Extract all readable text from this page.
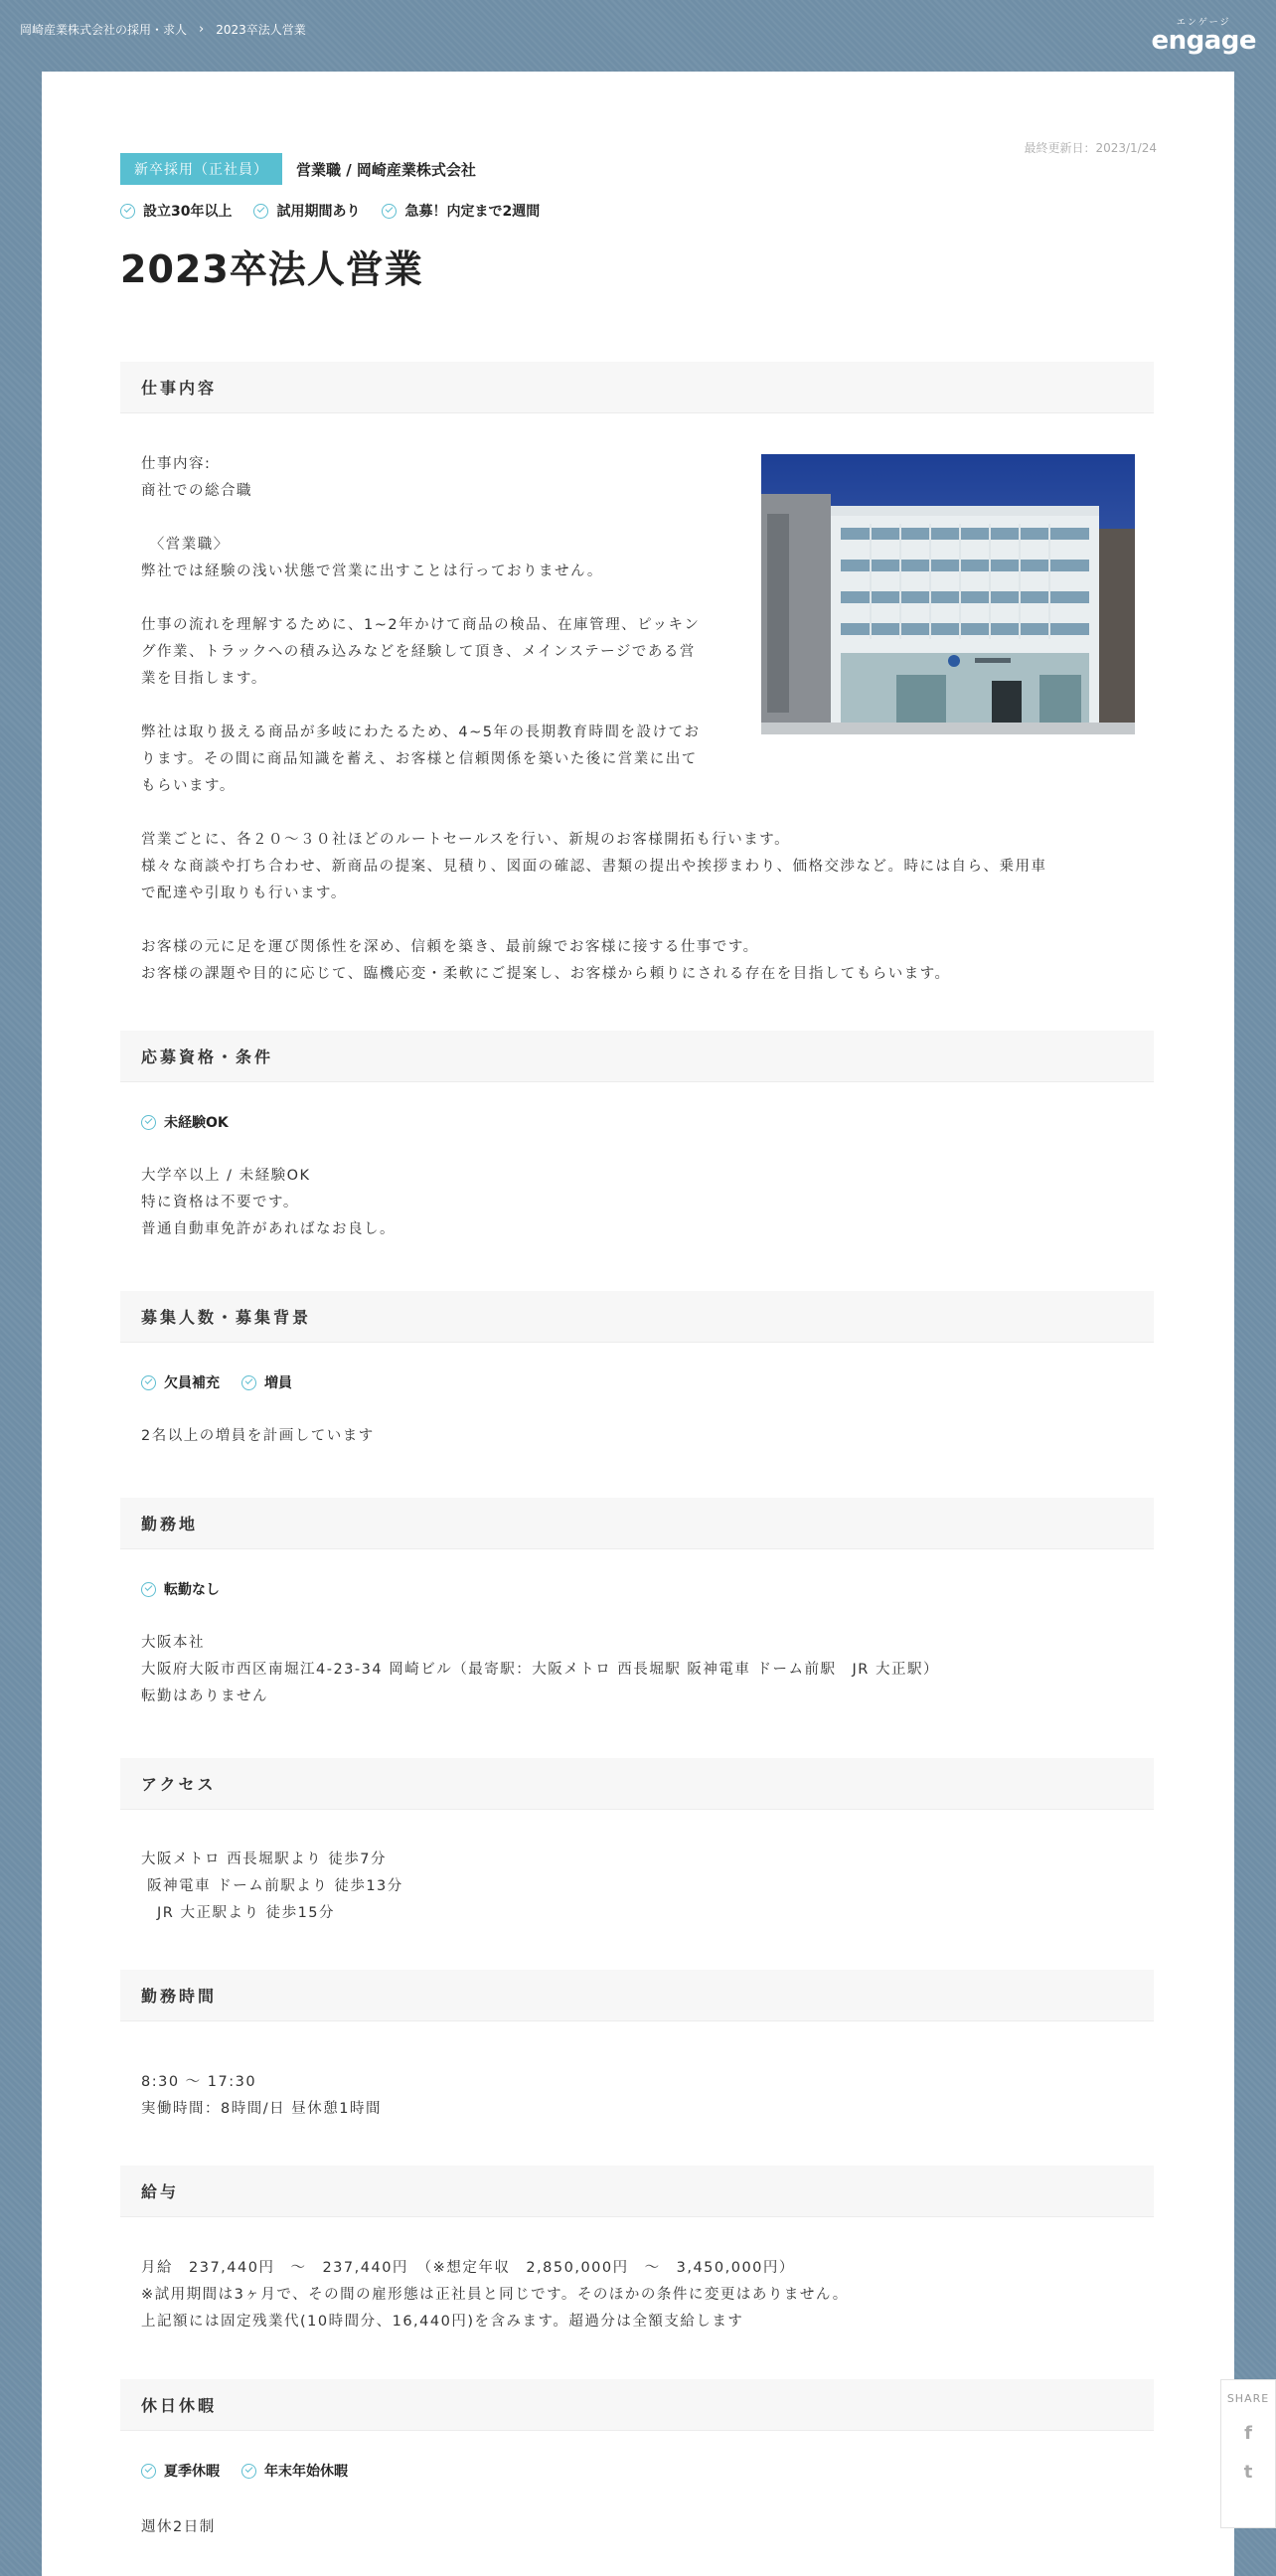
岡崎産業株式会社の採用・求人 › 2023卒法人営業	エンゲージ
engage
最終更新日：2023/1/24
新卒採用（正社員）	営業職 / 岡崎産業株式会社
設立30年以上	試用期間あり	急募！内定まで2週間
2023卒法人営業
仕事内容
仕事内容:
商社での総合職

　〈営業職〉
弊社では経験の浅い状態で営業に出すことは行っておりません。

仕事の流れを理解するために、1~2年かけて商品の検品、在庫管理、ピッキン
グ作業、トラックへの積み込みなどを経験して頂き、メインステージである営
業を目指します。

弊社は取り扱える商品が多岐にわたるため、4~5年の長期教育時間を設けてお
ります。その間に商品知識を蓄え、お客様と信頼関係を築いた後に営業に出て
もらいます。

営業ごとに、各２０～３０社ほどのルートセールスを行い、新規のお客様開拓も行います。
様々な商談や打ち合わせ、新商品の提案、見積り、図面の確認、書類の提出や挨拶まわり、価格交渉など。時には自ら、乗用車
で配達や引取りも行います。

お客様の元に足を運び関係性を深め、信頼を築き、最前線でお客様に接する仕事です。
お客様の課題や目的に応じて、臨機応変・柔軟にご提案し、お客様から頼りにされる存在を目指してもらいます。
応募資格・条件
未経験OK
大学卒以上 / 未経験OK
特に資格は不要です。
普通自動車免許があればなお良し。
募集人数・募集背景
欠員補充	増員
2名以上の増員を計画しています
勤務地
転勤なし
大阪本社
大阪府大阪市西区南堀江4-23-34 岡崎ビル（最寄駅：大阪メトロ 西長堀駅 阪神電車 ドーム前駅　JR 大正駅）
転勤はありません
アクセス
大阪メトロ 西長堀駅より 徒歩7分
阪神電車 ドーム前駅より 徒歩13分
　JR 大正駅より 徒歩15分
勤務時間
8:30 ～ 17:30
実働時間：8時間/日 昼休憩1時間
給与
月給　237,440円　～　237,440円　（※想定年収　2,850,000円　～　3,450,000円）
※試用期間は3ヶ月で、その間の雇形態は正社員と同じです。そのほかの条件に変更はありません。
上記額には固定残業代(10時間分、16,440円)を含みます。超過分は全額支給します
休日休暇
夏季休暇	年末年始休暇
週休2日制
SHARE
f
t
